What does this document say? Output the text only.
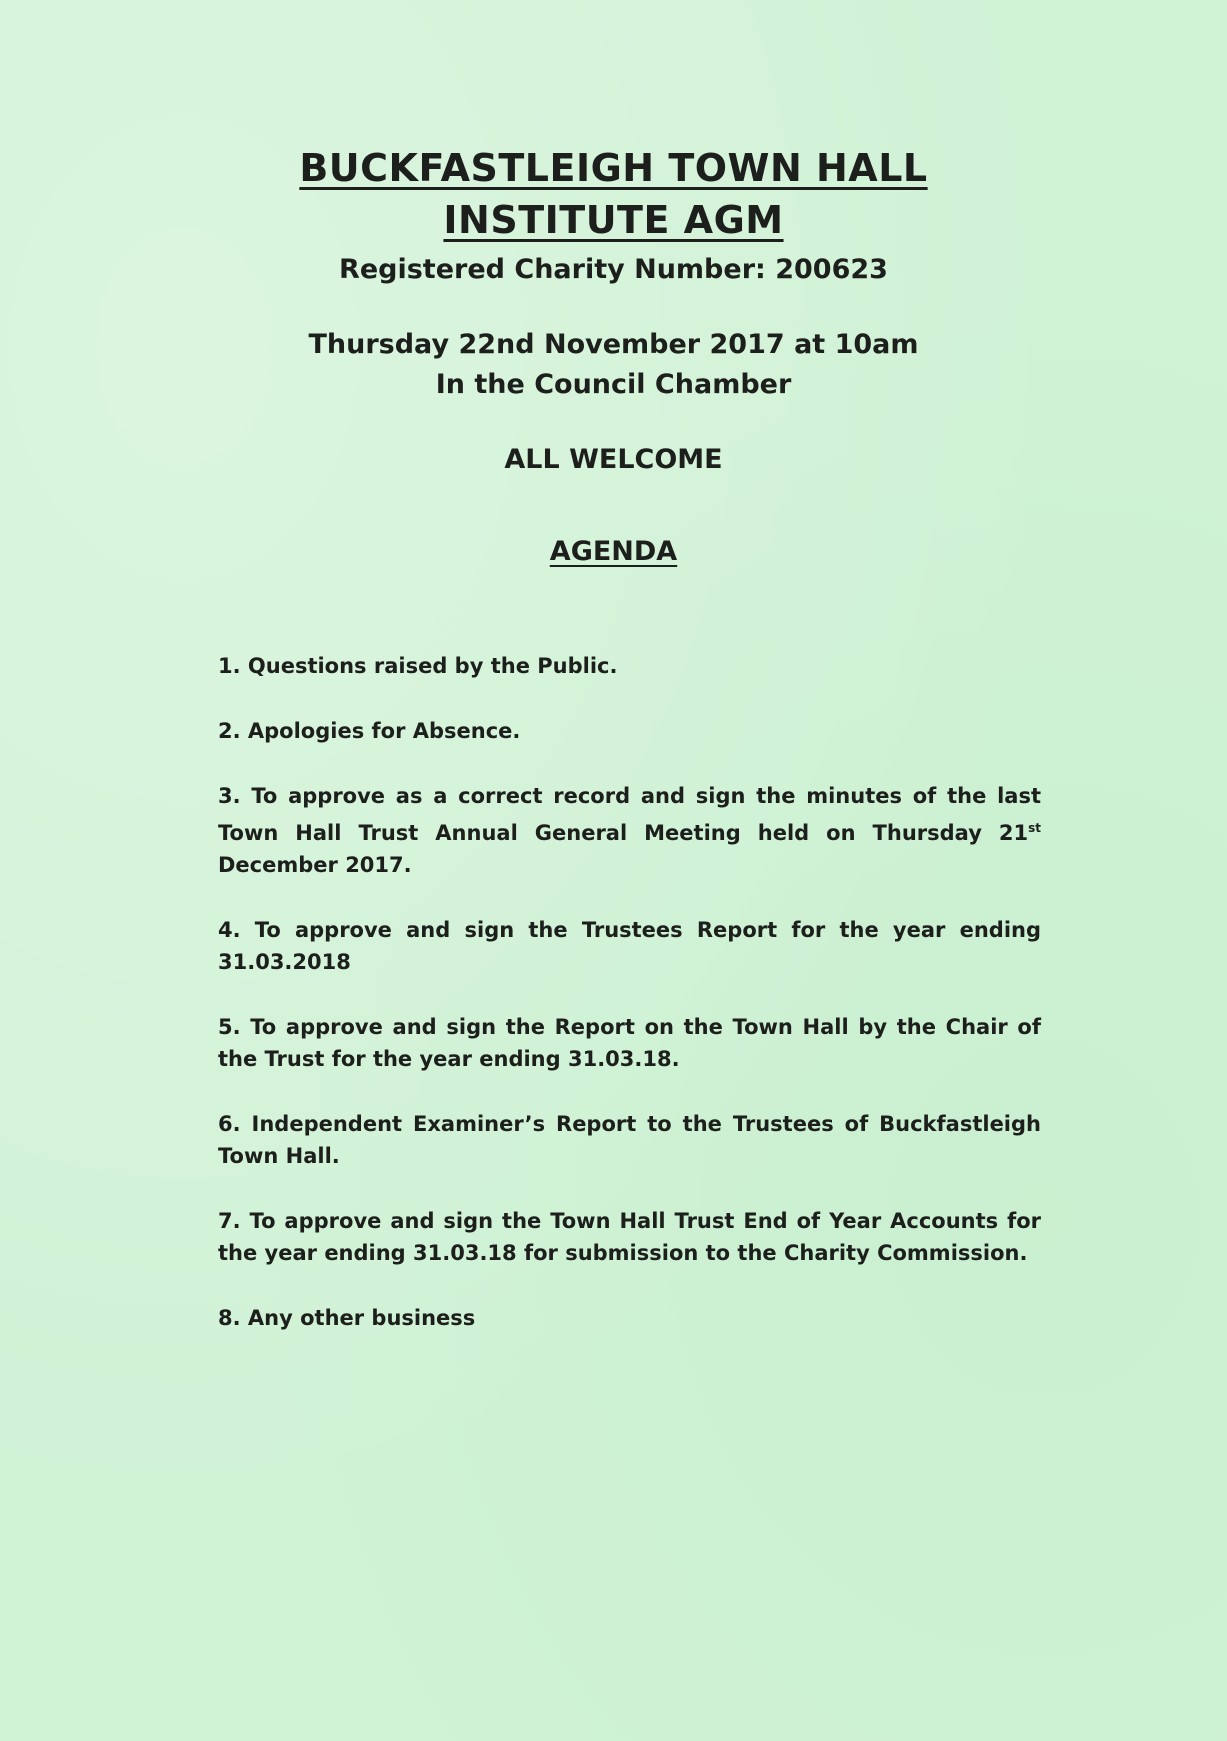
BUCKFASTLEIGH TOWN HALL
INSTITUTE AGM
Registered Charity Number: 200623
Thursday 22nd November 2017 at 10am
In the Council Chamber
ALL WELCOME
AGENDA
1. Questions raised by the Public.
2. Apologies for Absence.
3. To approve as a correct record and sign the minutes of the last Town Hall Trust Annual General Meeting held on Thursday 21st December 2017.
4. To approve and sign the Trustees Report for the year ending 31.03.2018
5. To approve and sign the Report on the Town Hall by the Chair of the Trust for the year ending 31.03.18.
6. Independent Examiner’s Report to the Trustees of Buckfastleigh Town Hall.
7. To approve and sign the Town Hall Trust End of Year Accounts for the year ending 31.03.18 for submission to the Charity Commission.
8. Any other business
